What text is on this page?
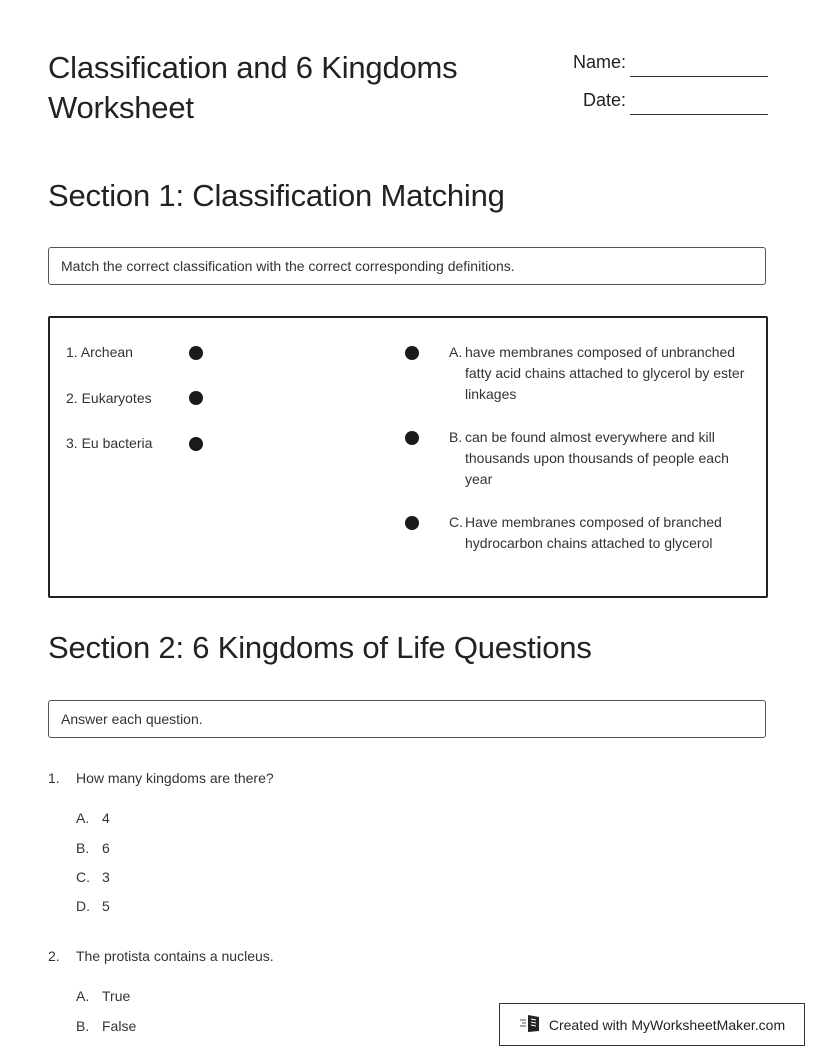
Classification and 6 Kingdoms Worksheet
Name:
Date:
Section 1: Classification Matching
Match the correct classification with the correct corresponding definitions.
1. Archean
2. Eukaryotes
3. Eu bacteria
A. have membranes composed of unbranched fatty acid chains attached to glycerol by ester linkages
B. can be found almost everywhere and kill thousands upon thousands of people each year
C. Have membranes composed of branched hydrocarbon chains attached to glycerol
Section 2: 6 Kingdoms of Life Questions
Answer each question.
1. How many kingdoms are there?
A. 4
B. 6
C. 3
D. 5
2. The protista contains a nucleus.
A. True
B. False	Created with MyWorksheetMaker.com
